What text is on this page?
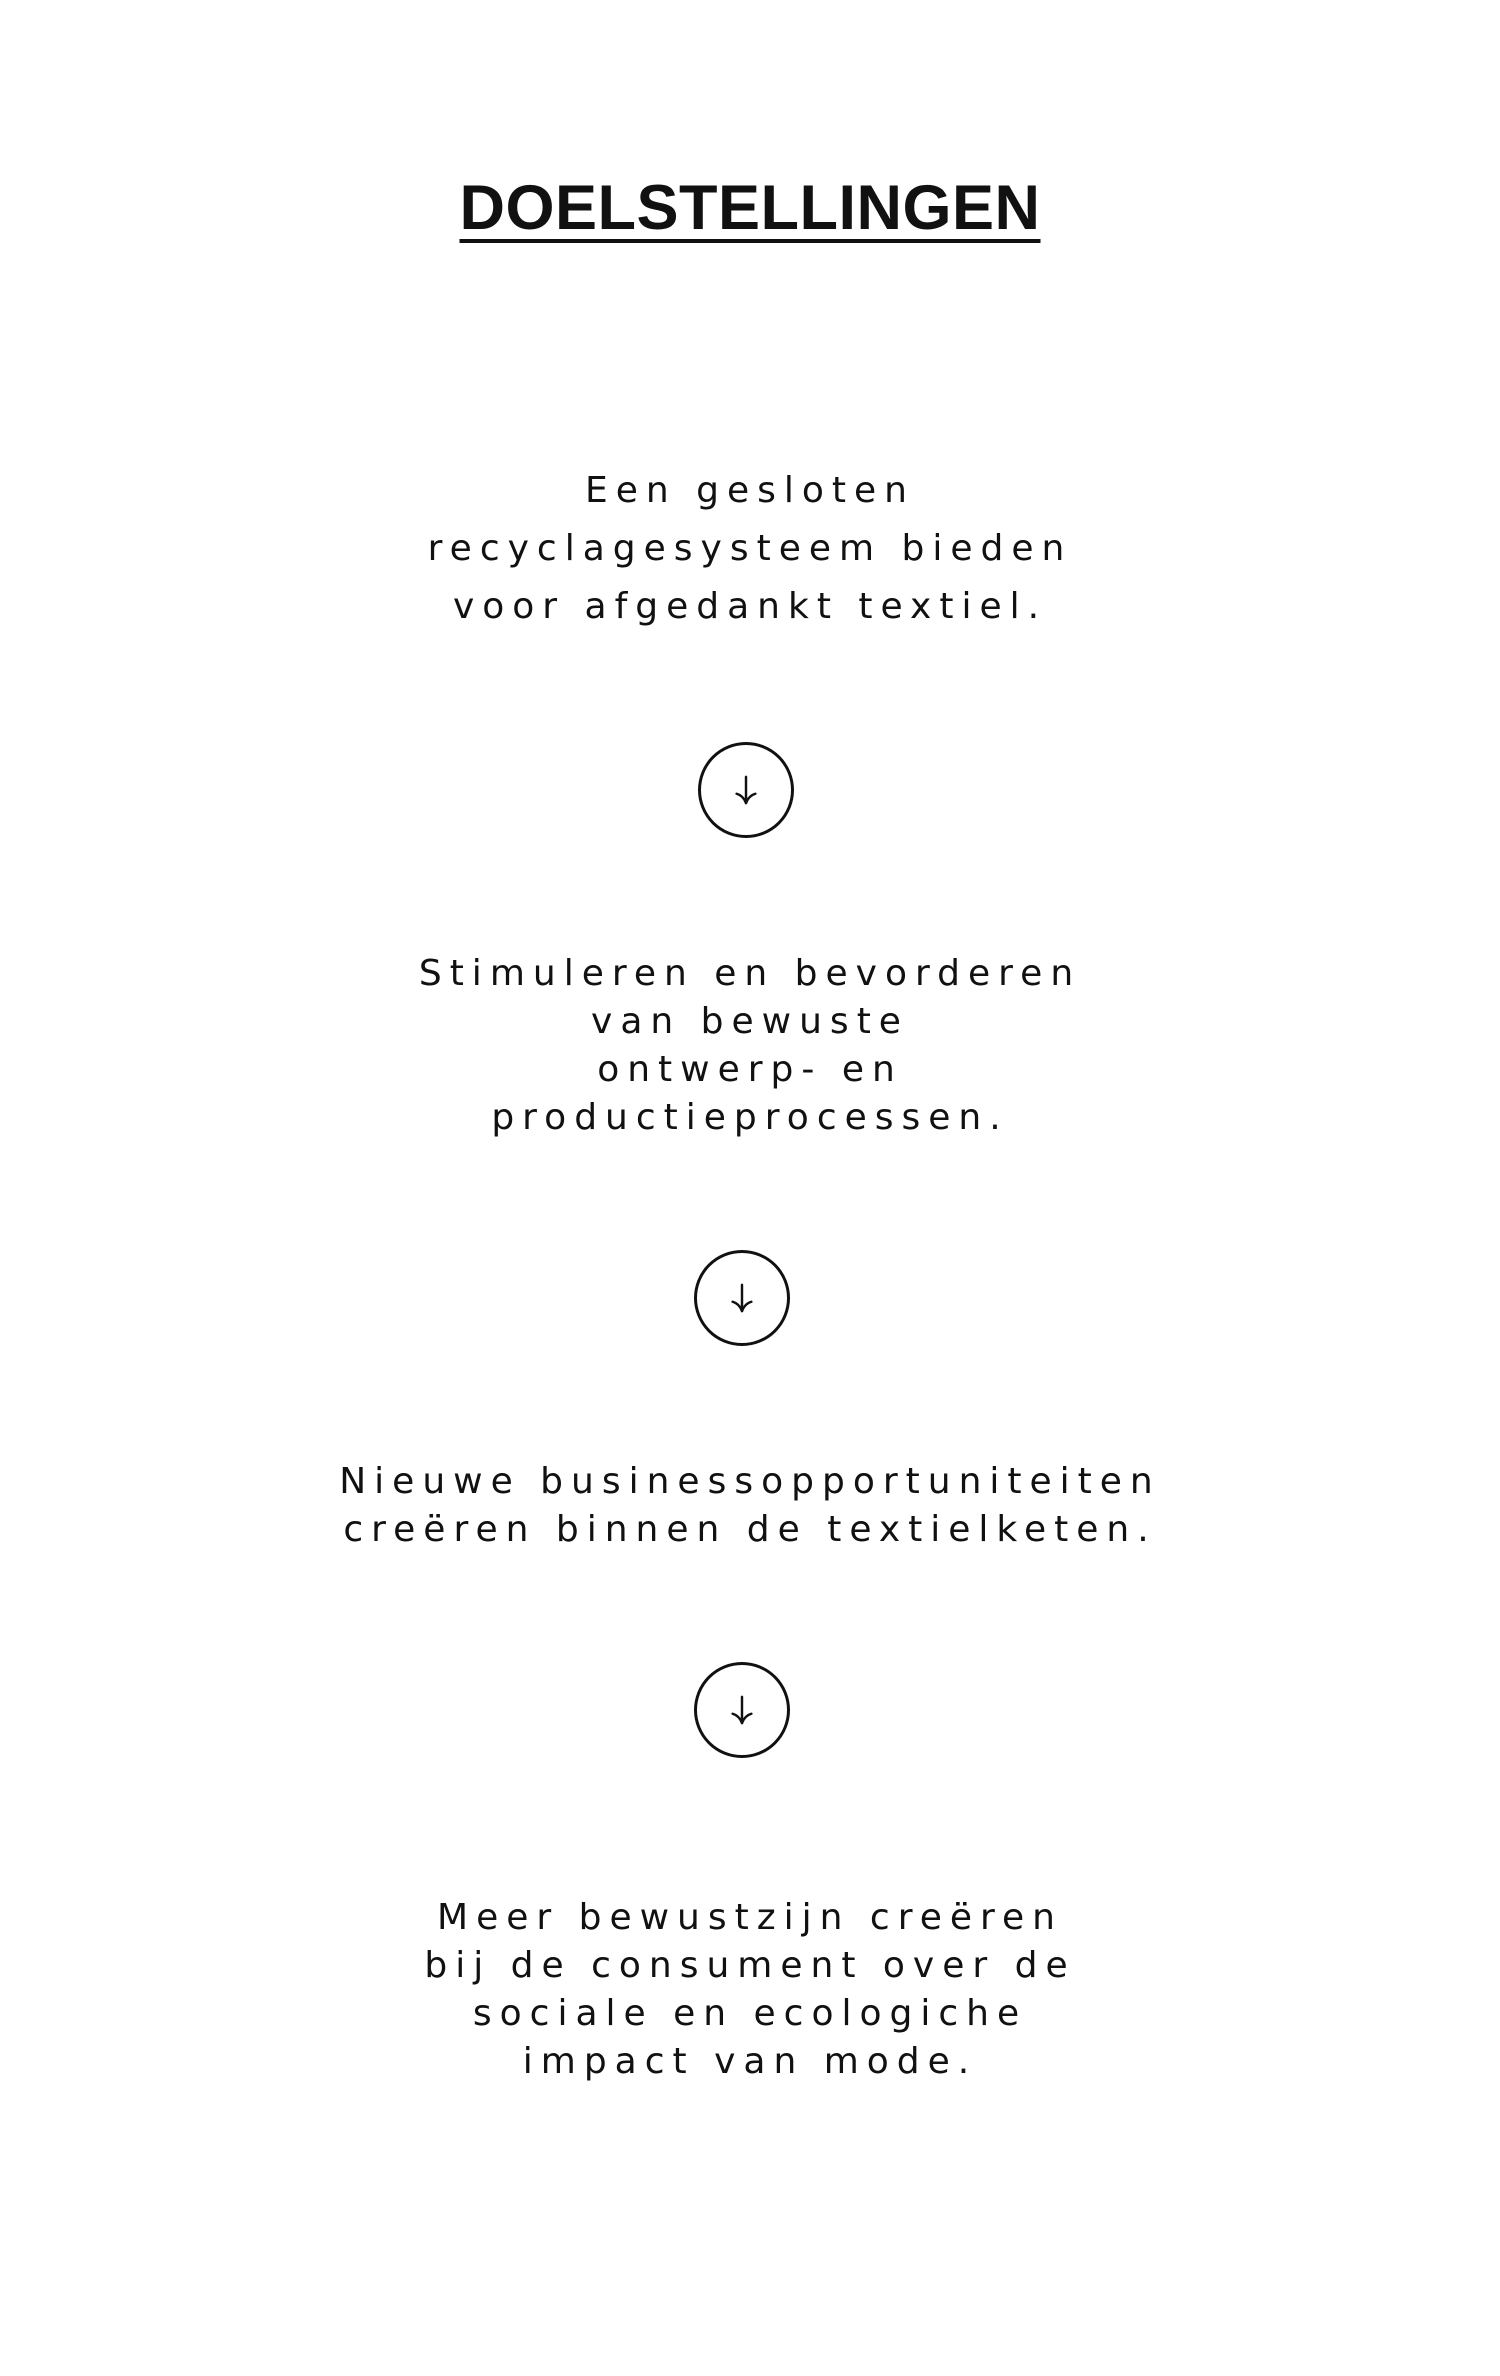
DOELSTELLINGEN
Een gesloten
recyclagesysteem bieden
voor afgedankt textiel.
Stimuleren en bevorderen
van bewuste
ontwerp- en
productieprocessen.
Nieuwe businessopportuniteiten
creëren binnen de textielketen.
Meer bewustzijn creëren
bij de consument over de
sociale en ecologiche
impact van mode.
